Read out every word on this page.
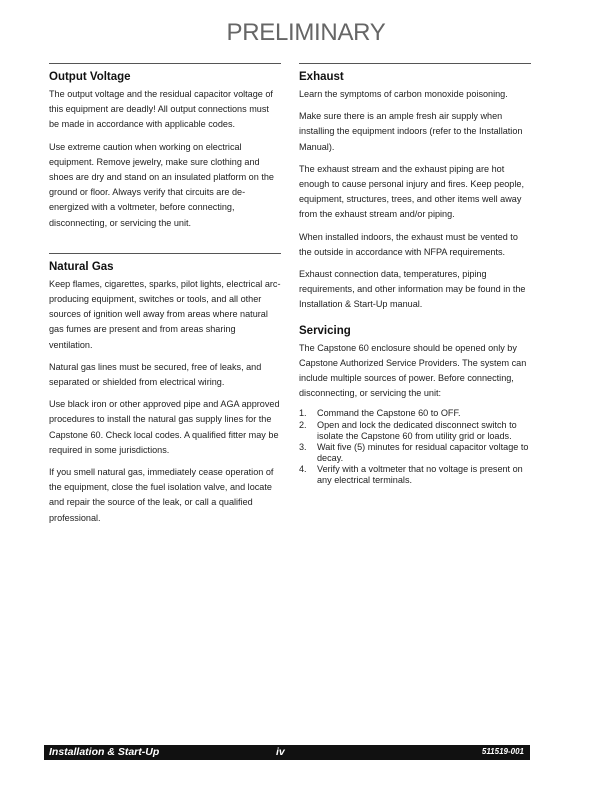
PRELIMINARY
Output Voltage

The output voltage and the residual capacitor voltage of this equipment are deadly! All output connections must be made in accordance with applicable codes.

Use extreme caution when working on electrical equipment. Remove jewelry, make sure clothing and shoes are dry and stand on an insulated platform on the ground or floor. Always verify that circuits are de-energized with a voltmeter, before connecting, disconnecting, or servicing the unit.

Natural Gas

Keep flames, cigarettes, sparks, pilot lights, electrical arc-producing equipment, switches or tools, and all other sources of ignition well away from areas where natural gas fumes are present and from areas sharing ventilation.

Natural gas lines must be secured, free of leaks, and separated or shielded from electrical wiring.

Use black iron or other approved pipe and AGA approved procedures to install the natural gas supply lines for the Capstone 60. Check local codes. A qualified fitter may be required in some jurisdictions.

If you smell natural gas, immediately cease operation of the equipment, close the fuel isolation valve, and locate and repair the source of the leak, or call a qualified professional.

Exhaust

Learn the symptoms of carbon monoxide poisoning.

Make sure there is an ample fresh air supply when installing the equipment indoors (refer to the Installation Manual).

The exhaust stream and the exhaust piping are hot enough to cause personal injury and fires. Keep people, equipment, structures, trees, and other items well away from the exhaust stream and/or piping.

When installed indoors, the exhaust must be vented to the outside in accordance with NFPA requirements.

Exhaust connection data, temperatures, piping requirements, and other information may be found in the Installation & Start-Up manual.

Servicing

The Capstone 60 enclosure should be opened only by Capstone Authorized Service Providers. The system can include multiple sources of power. Before connecting, disconnecting, or servicing the unit:

1.	Command the Capstone 60 to OFF.
2.	Open and lock the dedicated disconnect switch to isolate the Capstone 60 from utility grid or loads.
3.	Wait five (5) minutes for residual capacitor voltage to decay.
4.	Verify with a voltmeter that no voltage is present on any electrical terminals.
Installation & Start-Up	iv	511519-001
